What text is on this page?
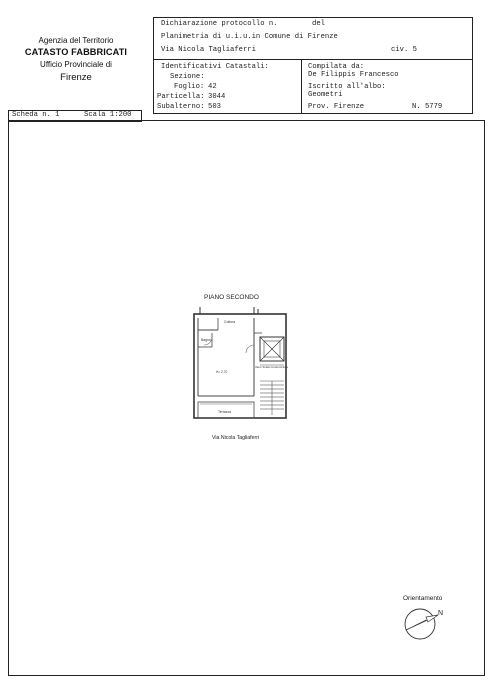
Agenzia del Territorio
CATASTO FABBRICATI
Ufficio Provinciale di
Firenze
Dichiarazione protocollo n.	del
Planimetria di u.i.u.in Comune di Firenze
Via Nicola Tagliaferri	civ. 5
Identificativi Catastali:
Sezione:
Foglio: 42
Particella: 3044
Subalterno: 503
Compilata da:
De Filippis Francesco
Iscritto all'albo:
Geometri
Prov. Firenze	N. 5779
Scheda n. 1	Scala 1:200
PIANO SECONDO
Cottura
Bagno
H= 2,70
Vano Scala Condominiale
Terrazza
Via Nicola Tagliaferri
Orientamento
N
